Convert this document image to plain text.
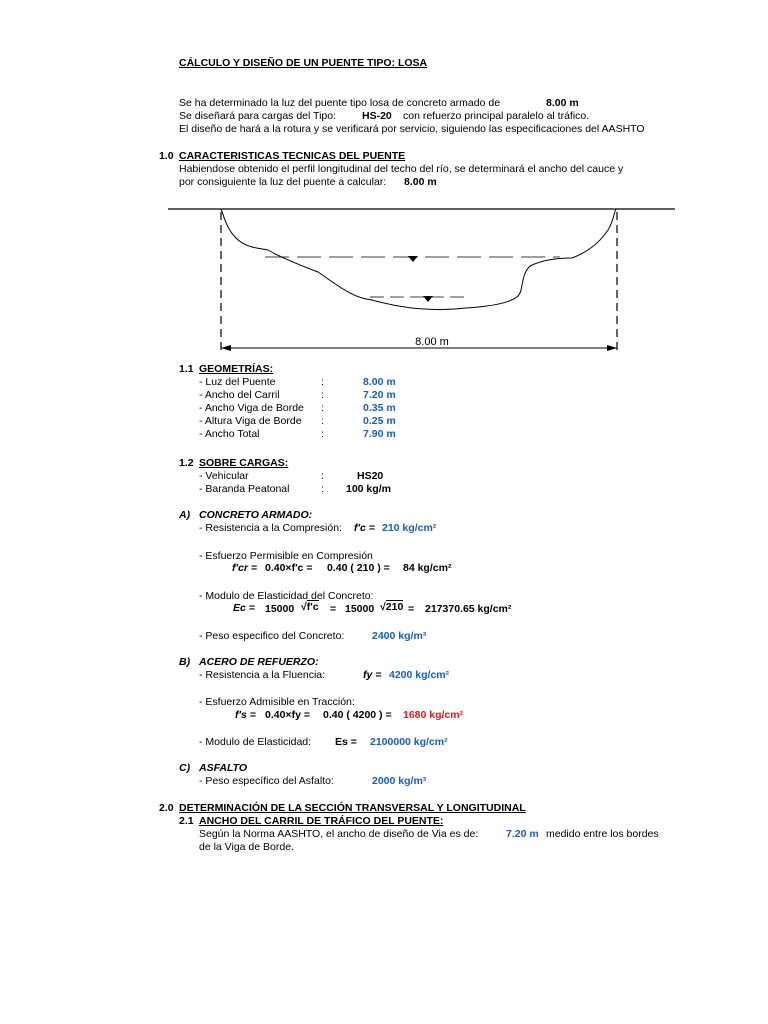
CÁLCULO Y DISEÑO DE UN PUENTE TIPO: LOSA
Se ha determinado la luz del puente tipo losa de concreto armado de	8.00 m
Se diseñará para cargas del Tipo: HS-20 con refuerzo principal paralelo al tráfico.
El diseño de hará a la rotura y se verificará por servicio, siguiendo las especificaciones del AASHTO
1.0 CARACTERISTICAS TECNICAS DEL PUENTE
Habiendose obtenido el perfil longitudinal del techo del río, se determinará el ancho del cauce y
por consiguiente la luz del puente a calcular: 8.00 m
8.00 m
1.1 GEOMETRÍAS:
- Luz del Puente	:	8.00 m
- Ancho del Carril	:	7.20 m
- Ancho Viga de Borde :	0.35 m
- Altura Viga de Borde :	0.25 m
- Ancho Total	:	7.90 m
1.2 SOBRE CARGAS:
- Vehicular	:	HS20
- Baranda Peatonal	: 100 kg/m
A) CONCRETO ARMADO:
- Resistencia a la Compresión: f'c = 210 kg/cm²
- Esfuerzo Permisible en Compresión
f'cr = 0.40×f'c = 0.40 ( 210 ) = 84 kg/cm²
- Modulo de Elasticidad del Concreto:
Ec = 15000 √f'c = 15000 √210 = 217370.65 kg/cm²
- Peso especifico del Concreto:	2400 kg/m³
B) ACERO DE REFUERZO:
- Resistencia a la Fluencia:	fy = 4200 kg/cm²
- Esfuerzo Admisible en Tracción:
f's = 0.40×fy = 0.40 ( 4200 ) = 1680 kg/cm²
- Modulo de Elasticidad: Es = 2100000 kg/cm²
C) ASFALTO
- Peso específico del Asfalto:	2000 kg/m³
2.0 DETERMINACIÓN DE LA SECCIÓN TRANSVERSAL Y LONGITUDINAL
2.1 ANCHO DEL CARRIL DE TRÁFICO DEL PUENTE:
Según la Norma AASHTO, el ancho de diseño de Via es de:	7.20 m medido entre los bordes
de la Viga de Borde.
